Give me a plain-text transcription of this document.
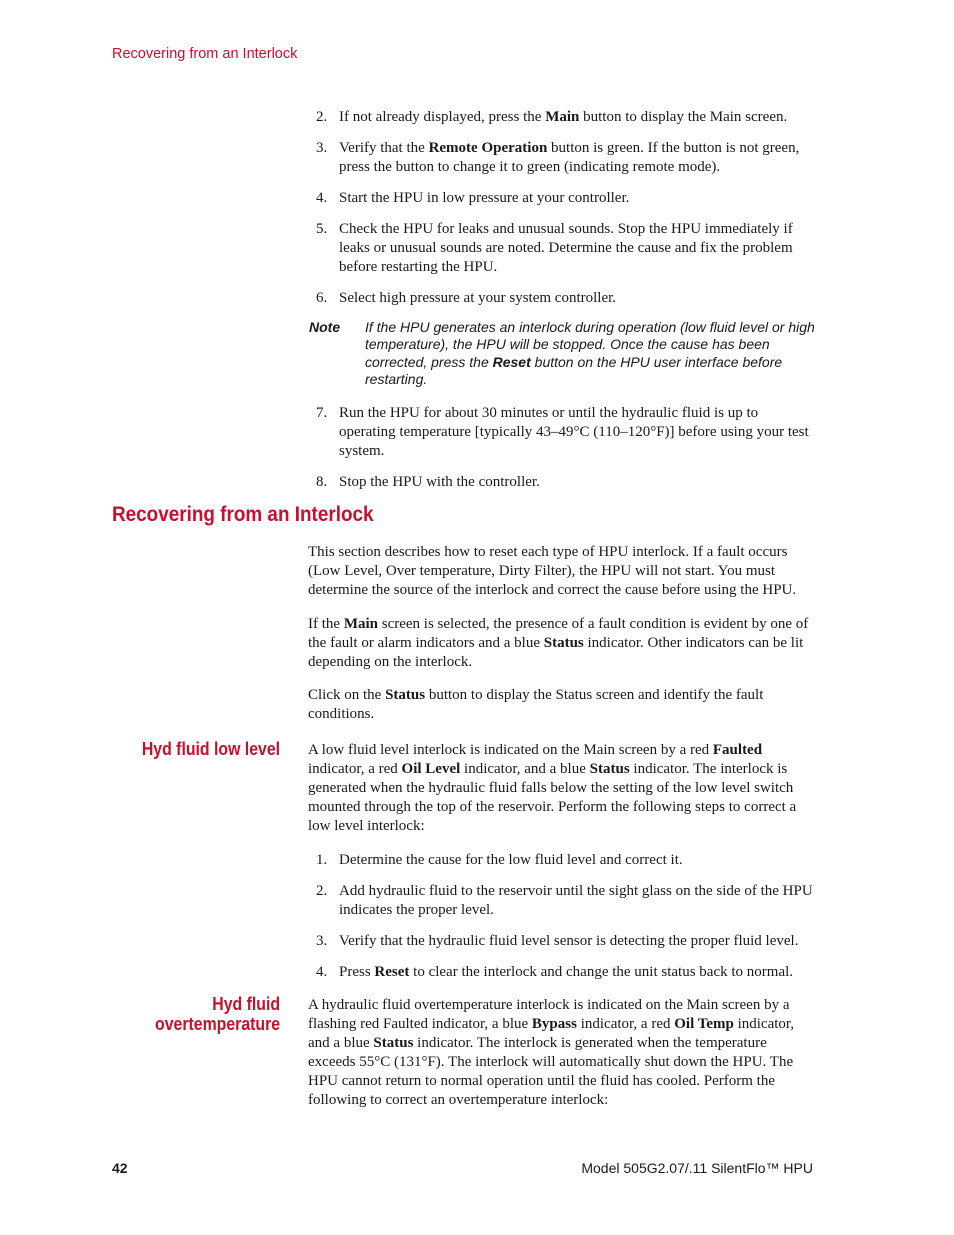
Recovering from an Interlock
2. If not already displayed, press the Main button to display the Main screen.
3. Verify that the Remote Operation button is green. If the button is not green, press the button to change it to green (indicating remote mode).
4. Start the HPU in low pressure at your controller.
5. Check the HPU for leaks and unusual sounds. Stop the HPU immediately if leaks or unusual sounds are noted. Determine the cause and fix the problem before restarting the HPU.
6. Select high pressure at your system controller.
Note If the HPU generates an interlock during operation (low fluid level or high temperature), the HPU will be stopped. Once the cause has been corrected, press the Reset button on the HPU user interface before restarting.
7. Run the HPU for about 30 minutes or until the hydraulic fluid is up to operating temperature [typically 43–49°C (110–120°F)] before using your test system.
8. Stop the HPU with the controller.
Recovering from an Interlock
This section describes how to reset each type of HPU interlock. If a fault occurs (Low Level, Over temperature, Dirty Filter), the HPU will not start. You must determine the source of the interlock and correct the cause before using the HPU.
If the Main screen is selected, the presence of a fault condition is evident by one of the fault or alarm indicators and a blue Status indicator. Other indicators can be lit depending on the interlock.
Click on the Status button to display the Status screen and identify the fault conditions.
Hyd fluid low level A low fluid level interlock is indicated on the Main screen by a red Faulted indicator, a red Oil Level indicator, and a blue Status indicator. The interlock is generated when the hydraulic fluid falls below the setting of the low level switch mounted through the top of the reservoir. Perform the following steps to correct a low level interlock:
1. Determine the cause for the low fluid level and correct it.
2. Add hydraulic fluid to the reservoir until the sight glass on the side of the HPU indicates the proper level.
3. Verify that the hydraulic fluid level sensor is detecting the proper fluid level.
4. Press Reset to clear the interlock and change the unit status back to normal.
Hyd fluid
overtemperature
A hydraulic fluid overtemperature interlock is indicated on the Main screen by a flashing red Faulted indicator, a blue Bypass indicator, a red Oil Temp indicator, and a blue Status indicator. The interlock is generated when the temperature exceeds 55°C (131°F). The interlock will automatically shut down the HPU. The HPU cannot return to normal operation until the fluid has cooled. Perform the following to correct an overtemperature interlock:
42	Model 505G2.07/.11 SilentFlo™ HPU
